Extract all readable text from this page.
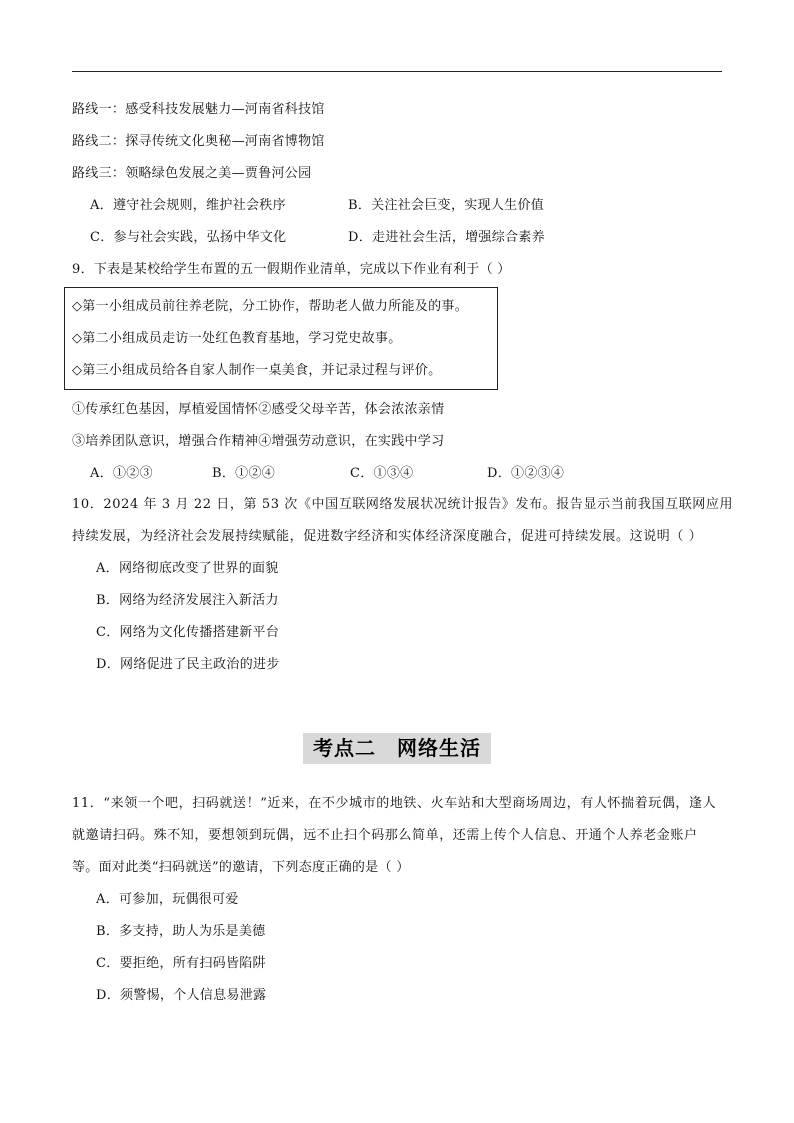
路线一：感受科技发展魅力—河南省科技馆
路线二：探寻传统文化奥秘—河南省博物馆
路线三：领略绿色发展之美—贾鲁河公园
A．遵守社会规则，维护社会秩序	B．关注社会巨变，实现人生价值
C．参与社会实践，弘扬中华文化	D．走进社会生活，增强综合素养
9．下表是某校给学生布置的五一假期作业清单，完成以下作业有利于（ ）
◇第一小组成员前往养老院，分工协作，帮助老人做力所能及的事。
◇第二小组成员走访一处红色教育基地，学习党史故事。
◇第三小组成员给各自家人制作一桌美食，并记录过程与评价。
①传承红色基因，厚植爱国情怀②感受父母辛苦，体会浓浓亲情
③培养团队意识，增强合作精神④增强劳动意识，在实践中学习
A．①②③	B．①②④	C．①③④	D．①②③④
10．2024 年 3 月 22 日，第 53 次《中国互联网络发展状况统计报告》发布。报告显示当前我国互联网应用
持续发展，为经济社会发展持续赋能，促进数字经济和实体经济深度融合，促进可持续发展。这说明（ ）
A．网络彻底改变了世界的面貌
B．网络为经济发展注入新活力
C．网络为文化传播搭建新平台
D．网络促进了民主政治的进步
考点二　网络生活
11．“来领一个吧，扫码就送！”近来，在不少城市的地铁、火车站和大型商场周边，有人怀揣着玩偶，逢人
就邀请扫码。殊不知，要想领到玩偶，远不止扫个码那么简单，还需上传个人信息、开通个人养老金账户
等。面对此类“扫码就送”的邀请，下列态度正确的是（ ）
A．可参加，玩偶很可爱
B．多支持，助人为乐是美德
C．要拒绝，所有扫码皆陷阱
D．须警惕，个人信息易泄露
